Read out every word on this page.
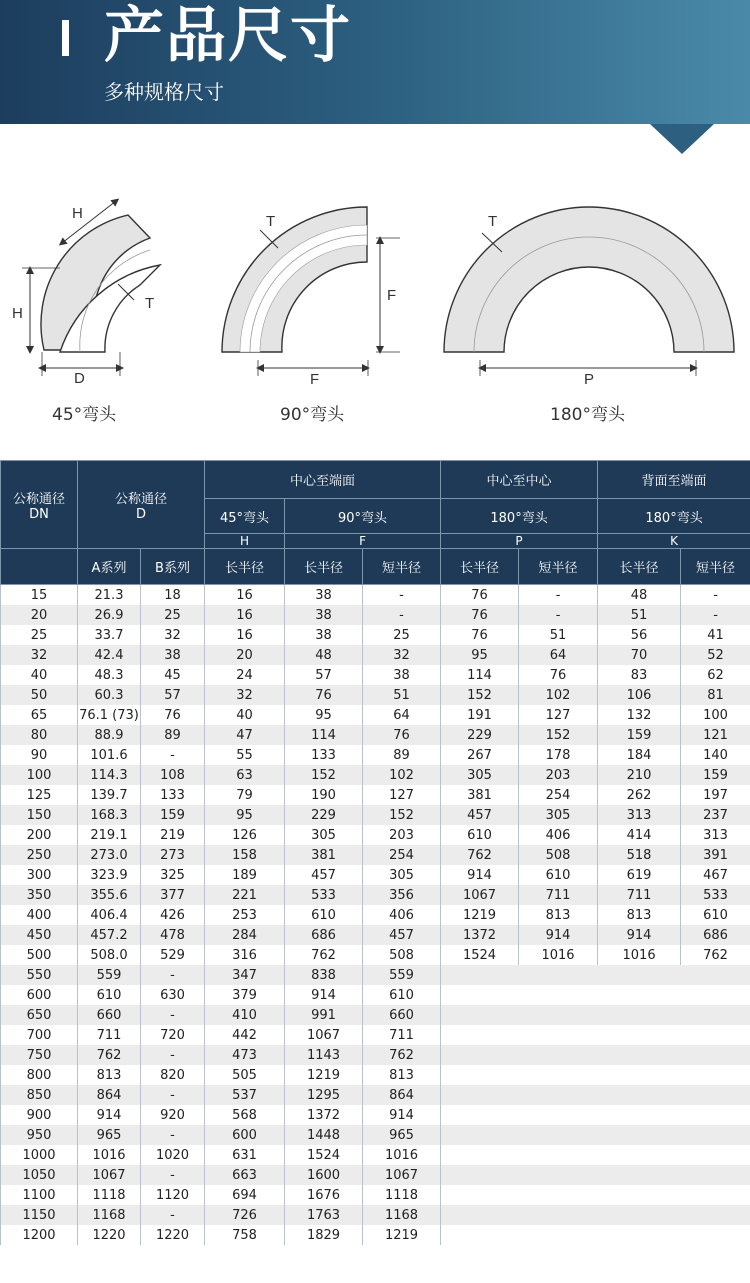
产品尺寸
多种规格尺寸
H
H
T
D
T
F
F
T
P
45°弯头	90°弯头	180°弯头
公称通径
DN	公称通径
D		中心至端面			中心至中心		背面至端面	
			45°弯头	90°弯头		180°弯头		180°弯头	
			H	F		P		K	
	A系列	B系列	长半径	长半径	短半径	长半径	短半径	长半径	短半径
15	21.3	18	16	38	-	76	-	48	-
20	26.9	25	16	38	-	76	-	51	-
25	33.7	32	16	38	25	76	51	56	41
32	42.4	38	20	48	32	95	64	70	52
40	48.3	45	24	57	38	114	76	83	62
50	60.3	57	32	76	51	152	102	106	81
65	76.1 (73)	76	40	95	64	191	127	132	100
80	88.9	89	47	114	76	229	152	159	121
90	101.6	-	55	133	89	267	178	184	140
100	114.3	108	63	152	102	305	203	210	159
125	139.7	133	79	190	127	381	254	262	197
150	168.3	159	95	229	152	457	305	313	237
200	219.1	219	126	305	203	610	406	414	313
250	273.0	273	158	381	254	762	508	518	391
300	323.9	325	189	457	305	914	610	619	467
350	355.6	377	221	533	356	1067	711	711	533
400	406.4	426	253	610	406	1219	813	813	610
450	457.2	478	284	686	457	1372	914	914	686
500	508.0	529	316	762	508	1524	1016	1016	762
550	559	-	347	838	559				
600	610	630	379	914	610				
650	660	-	410	991	660				
700	711	720	442	1067	711				
750	762	-	473	1143	762				
800	813	820	505	1219	813				
850	864	-	537	1295	864				
900	914	920	568	1372	914				
950	965	-	600	1448	965				
1000	1016	1020	631	1524	1016				
1050	1067	-	663	1600	1067				
1100	1118	1120	694	1676	1118				
1150	1168	-	726	1763	1168				
1200	1220	1220	758	1829	1219				
